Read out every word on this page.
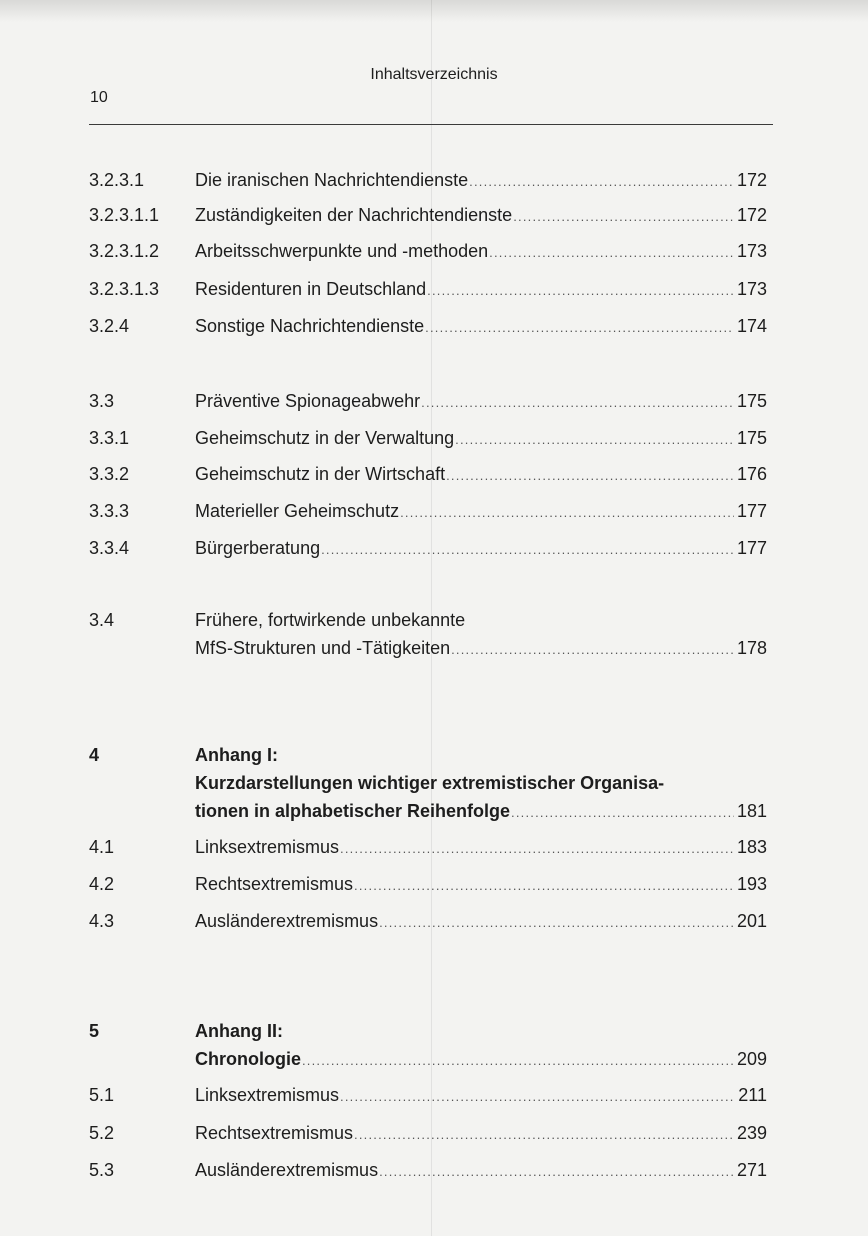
Inhaltsverzeichnis
10
3.2.3.1	Die iranischen Nachrichtendienste .....	172
3.2.3.1.1 Zuständigkeiten der Nachrichtendienste .....	172
3.2.3.1.2 Arbeitsschwerpunkte und -methoden .....	173
3.2.3.1.3 Residenturen in Deutschland .....	173
3.2.4	Sonstige Nachrichtendienste .....	174
3.3	Präventive Spionageabwehr .....	175
3.3.1	Geheimschutz in der Verwaltung .....	175
3.3.2	Geheimschutz in der Wirtschaft .....	176
3.3.3	Materieller Geheimschutz .....	177
3.3.4	Bürgerberatung .....	177
3.4	Frühere, fortwirkende unbekannte
MfS-Strukturen und -Tätigkeiten .....	178
4	Anhang I:
Kurzdarstellungen wichtiger extremistischer Organisa-
tionen in alphabetischer Reihenfolge .....	181
4.1	Linksextremismus .....	183
4.2	Rechtsextremismus .....	193
4.3	Ausländerextremismus .....	201
5	Anhang II:
Chronologie .....	209
5.1	Linksextremismus .....	211
5.2	Rechtsextremismus .....	239
5.3	Ausländerextremismus .....	271
